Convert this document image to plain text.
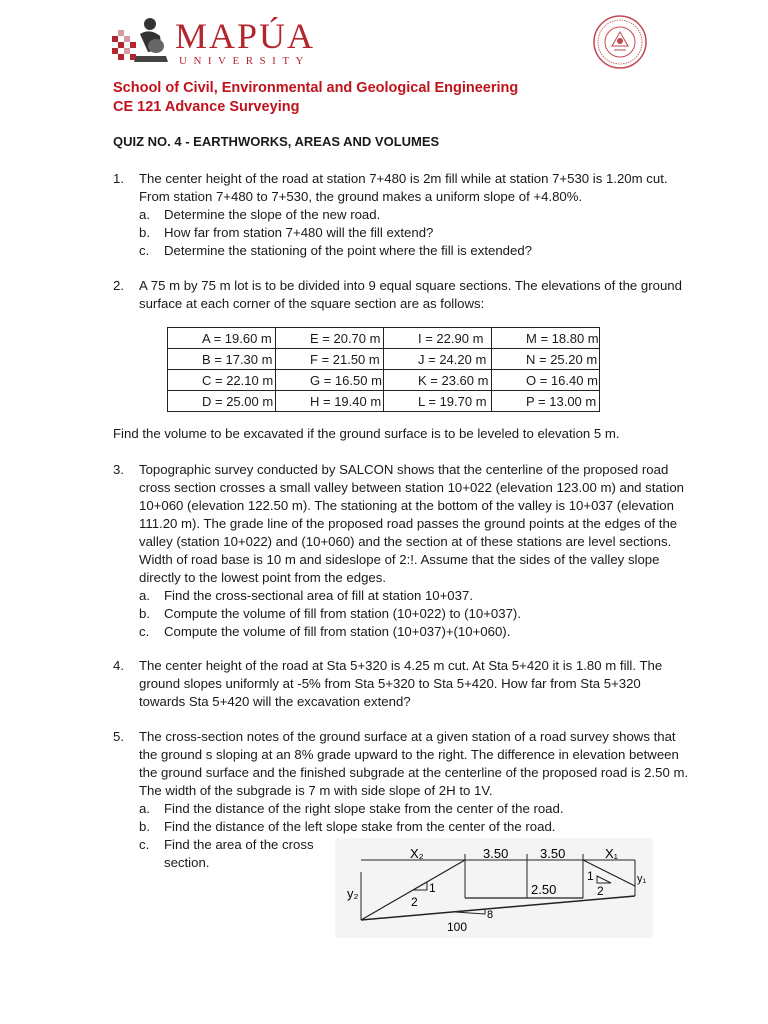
MAPÚA
UNIVERSITY
School of Civil, Environmental and Geological Engineering
CE 121 Advance Surveying
QUIZ NO. 4 - EARTHWORKS, AREAS AND VOLUMES
1. The center height of the road at station 7+480 is 2m fill while at station 7+530 is 1.20m cut.
From station 7+480 to 7+530, the ground makes a uniform slope of +4.80%.
a. Determine the slope of the new road.
b. How far from station 7+480 will the fill extend?
c. Determine the stationing of the point where the fill is extended?
2. A 75 m by 75 m lot is to be divided into 9 equal square sections. The elevations of the ground
surface at each corner of the square section are as follows:
A = 19.60 m	E = 20.70 m	I = 22.90 m	M = 18.80 m
B = 17.30 m	F = 21.50 m	J = 24.20 m	N = 25.20 m
C = 22.10 m	G = 16.50 m	K = 23.60 m	O = 16.40 m
D = 25.00 m	H = 19.40 m	L = 19.70 m	P = 13.00 m
Find the volume to be excavated if the ground surface is to be leveled to elevation 5 m.
3. Topographic survey conducted by SALCON shows that the centerline of the proposed road
cross section crosses a small valley between station 10+022 (elevation 123.00 m) and station
10+060 (elevation 122.50 m). The stationing at the bottom of the valley is 10+037 (elevation
111.20 m). The grade line of the proposed road passes the ground points at the edges of the
valley (station 10+022) and (10+060) and the section at of these stations are level sections.
Width of road base is 10 m and sideslope of 2:!. Assume that the sides of the valley slope
directly to the lowest point from the edges.
a. Find the cross-sectional area of fill at station 10+037.
b. Compute the volume of fill from station (10+022) to (10+037).
c. Compute the volume of fill from station (10+037)+(10+060).
4. The center height of the road at Sta 5+320 is 4.25 m cut. At Sta 5+420 it is 1.80 m fill. The
ground slopes uniformly at -5% from Sta 5+320 to Sta 5+420. How far from Sta 5+320
towards Sta 5+420 will the excavation extend?
5. The cross-section notes of the ground surface at a given station of a road survey shows that
the ground s sloping at an 8% grade upward to the right. The difference in elevation between
the ground surface and the finished subgrade at the centerline of the proposed road is 2.50 m.
The width of the subgrade is 7 m with side slope of 2H to 1V.
a. Find the distance of the right slope stake from the center of the road.
b. Find the distance of the left slope stake from the center of the road.
c. Find the area of the cross
section.
X₂	3.50 3.50	X₁
2.50
y₂
y₁
1
2
1
2
100
8
